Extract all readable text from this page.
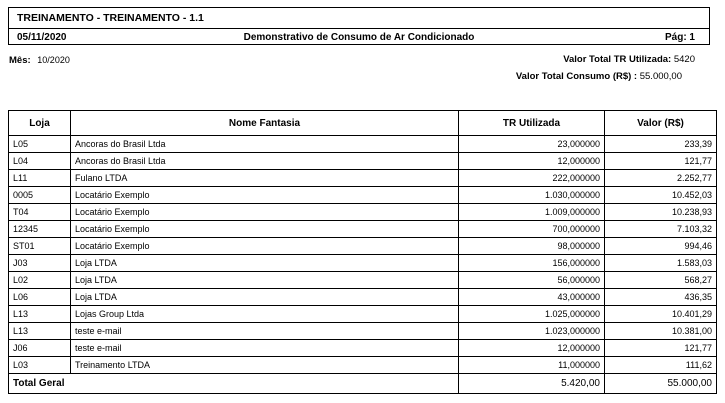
TREINAMENTO - TREINAMENTO - 1.1
05/11/2020	Demonstrativo de Consumo de Ar Condicionado	Pág: 1
Mês: 10/2020	Valor Total TR Utilizada: 5420
Valor Total Consumo (R$) : 55.000,00
Loja	Nome Fantasia	TR Utilizada	Valor (R$)
L05	Ancoras do Brasil Ltda	23,000000	233,39
L04	Ancoras do Brasil Ltda	12,000000	121,77
L11	Fulano LTDA	222,000000	2.252,77
0005	Locatário Exemplo	1.030,000000	10.452,03
T04	Locatário Exemplo	1.009,000000	10.238,93
12345	Locatário Exemplo	700,000000	7.103,32
ST01	Locatário Exemplo	98,000000	994,46
J03	Loja LTDA	156,000000	1.583,03
L02	Loja LTDA	56,000000	568,27
L06	Loja LTDA	43,000000	436,35
L13	Lojas Group Ltda	1.025,000000	10.401,29
L13	teste e-mail	1.023,000000	10.381,00
J06	teste e-mail	12,000000	121,77
L03	Treinamento LTDA	11,000000	111,62
Total Geral		5.420,00	55.000,00
